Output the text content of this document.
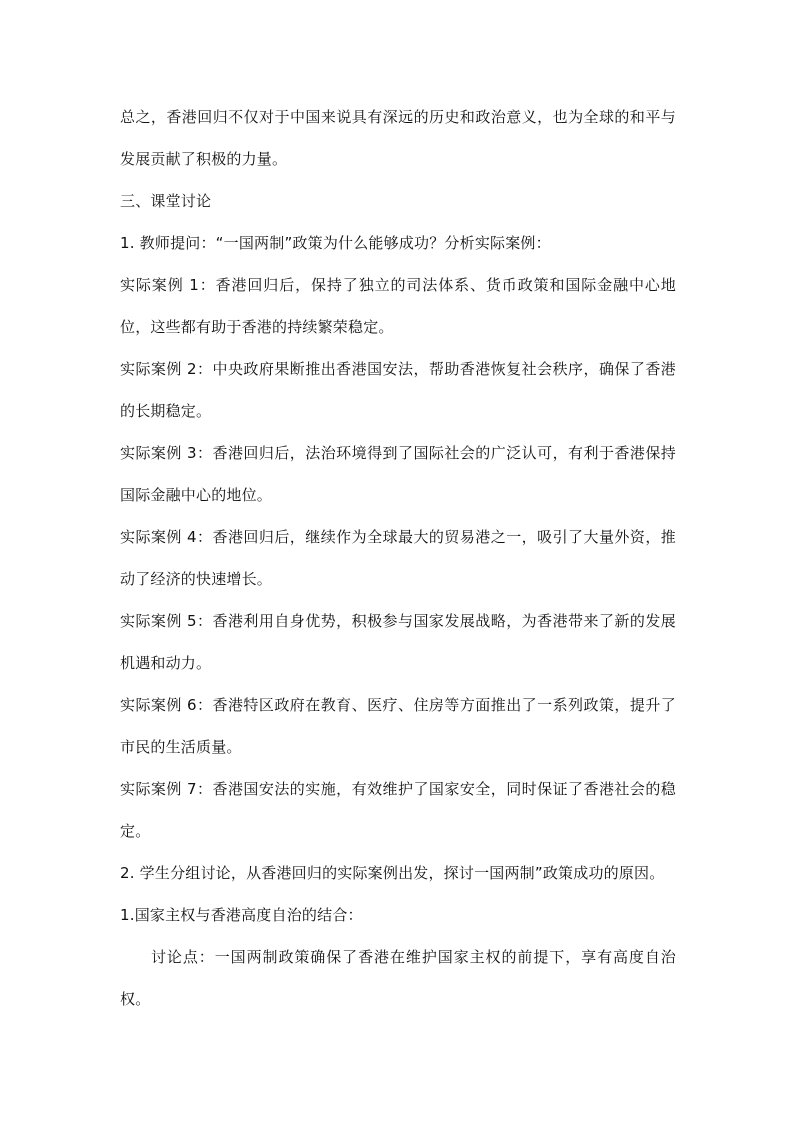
总之，香港回归不仅对于中国来说具有深远的历史和政治意义，也为全球的和平与发展贡献了积极的力量。

三、课堂讨论

1. 教师提问：“一国两制”政策为什么能够成功？分析实际案例：

实际案例 1：香港回归后，保持了独立的司法体系、货币政策和国际金融中心地位，这些都有助于香港的持续繁荣稳定。

实际案例 2：中央政府果断推出香港国安法，帮助香港恢复社会秩序，确保了香港的长期稳定。

实际案例 3：香港回归后，法治环境得到了国际社会的广泛认可，有利于香港保持国际金融中心的地位。

实际案例 4：香港回归后，继续作为全球最大的贸易港之一，吸引了大量外资，推动了经济的快速增长。

实际案例 5：香港利用自身优势，积极参与国家发展战略，为香港带来了新的发展机遇和动力。

实际案例 6：香港特区政府在教育、医疗、住房等方面推出了一系列政策，提升了市民的生活质量。

实际案例 7：香港国安法的实施，有效维护了国家安全，同时保证了香港社会的稳定。

2. 学生分组讨论，从香港回归的实际案例出发，探讨一国两制”政策成功的原因。

1.国家主权与香港高度自治的结合：

讨论点：一国两制政策确保了香港在维护国家主权的前提下，享有高度自治权。
